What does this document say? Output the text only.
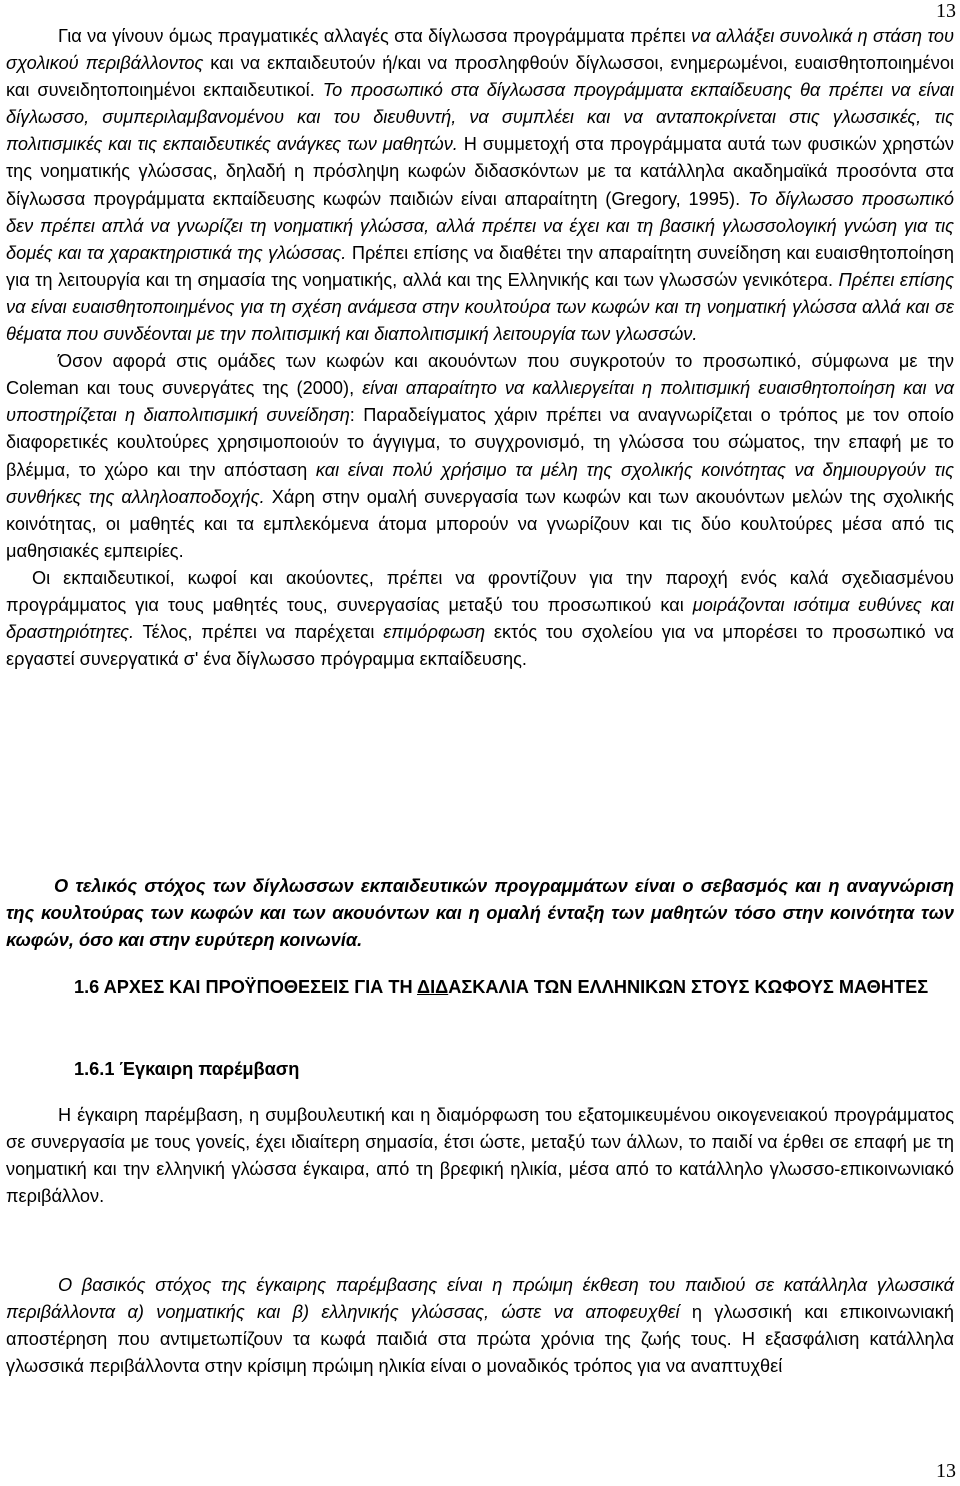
13

Για να γίνουν όμως πραγματικές αλλαγές στα δίγλωσσα προγράμματα πρέπει να αλλάξει συνολικά η στάση του σχολικού περιβάλλοντος και να εκπαιδευτούν ή/και να προσληφθούν δίγλωσσοι, ενημερωμένοι, ευαισθητοποιημένοι και συνειδητοποιημένοι εκπαιδευτικοί. Το προσωπικό στα δίγλωσσα προγράμματα εκπαίδευσης θα πρέπει να είναι δίγλωσσο, συμπεριλαμβανομένου και του διευθυντή, να συμπλέει και να ανταποκρίνεται στις γλωσσικές, τις πολιτισμικές και τις εκπαιδευτικές ανάγκες των μαθητών. Η συμμετοχή στα προγράμματα αυτά των φυσικών χρηστών της νοηματικής γλώσσας, δηλαδή η πρόσληψη κωφών διδασκόντων με τα κατάλληλα ακαδημαϊκά προσόντα στα δίγλωσσα προγράμματα εκπαίδευσης κωφών παιδιών είναι απαραίτητη (Gregory, 1995). Το δίγλωσσο προσωπικό δεν πρέπει απλά να γνωρίζει τη νοηματική γλώσσα, αλλά πρέπει να έχει και τη βασική γλωσσολογική γνώση για τις δομές και τα χαρακτηριστικά της γλώσσας. Πρέπει επίσης να διαθέτει την απαραίτητη συνείδηση και ευαισθητοποίηση για τη λειτουργία και τη σημασία της νοηματικής, αλλά και της Ελληνικής και των γλωσσών γενικότερα. Πρέπει επίσης να είναι ευαισθητοποιημένος για τη σχέση ανάμεσα στην κουλτούρα των κωφών και τη νοηματική γλώσσα αλλά και σε θέματα που συνδέονται με την πολιτισμική και διαπολιτισμική λειτουργία των γλωσσών.

Όσον αφορά στις ομάδες των κωφών και ακουόντων που συγκροτούν το προσωπικό, σύμφωνα με την Coleman και τους συνεργάτες της (2000), είναι απαραίτητο να καλλιεργείται η πολιτισμική ευαισθητοποίηση και να υποστηρίζεται η διαπολιτισμική συνείδηση: Παραδείγματος χάριν πρέπει να αναγνωρίζεται ο τρόπος με τον οποίο διαφορετικές κουλτούρες χρησιμοποιούν το άγγιγμα, το συγχρονισμό, τη γλώσσα του σώματος, την επαφή με το βλέμμα, το χώρο και την απόσταση και είναι πολύ χρήσιμο τα μέλη της σχολικής κοινότητας να δημιουργούν τις συνθήκες της αλληλοαποδοχής. Χάρη στην ομαλή συνεργασία των κωφών και των ακουόντων μελών της σχολικής κοινότητας, οι μαθητές και τα εμπλεκόμενα άτομα μπορούν να γνωρίζουν και τις δύο κουλτούρες μέσα από τις μαθησιακές εμπειρίες.

Οι εκπαιδευτικοί, κωφοί και ακούοντες, πρέπει να φροντίζουν για την παροχή ενός καλά σχεδιασμένου προγράμματος για τους μαθητές τους, συνεργασίας μεταξύ του προσωπικού και μοιράζονται ισότιμα ευθύνες και δραστηριότητες. Τέλος, πρέπει να παρέχεται επιμόρφωση εκτός του σχολείου για να μπορέσει το προσωπικό να εργαστεί συνεργατικά σ' ένα δίγλωσσο πρόγραμμα εκπαίδευσης.

Ο τελικός στόχος των δίγλωσσων εκπαιδευτικών προγραμμάτων είναι ο σεβασμός και η αναγνώριση της κουλτούρας των κωφών και των ακουόντων και η ομαλή ένταξη των μαθητών τόσο στην κοινότητα των κωφών, όσο και στην ευρύτερη κοινωνία.

1.6 ΑΡΧΕΣ ΚΑΙ ΠΡΟΫΠΟΘΕΣΕΙΣ ΓΙΑ ΤΗ ΔΙΔΑΣΚΑΛΙΑ ΤΩΝ ΕΛΛΗΝΙΚΩΝ ΣΤΟΥΣ ΚΩΦΟΥΣ ΜΑΘΗΤΕΣ
1.6.1 Έγκαιρη παρέμβαση

Η έγκαιρη παρέμβαση, η συμβουλευτική και η διαμόρφωση του εξατομικευμένου οικογενειακού προγράμματος σε συνεργασία με τους γονείς, έχει ιδιαίτερη σημασία, έτσι ώστε, μεταξύ των άλλων, το παιδί να έρθει σε επαφή με τη νοηματική και την ελληνική γλώσσα έγκαιρα, από τη βρεφική ηλικία, μέσα από το κατάλληλο γλωσσο-επικοινωνιακό περιβάλλον.

Ο βασικός στόχος της έγκαιρης παρέμβασης είναι η πρώιμη έκθεση του παιδιού σε κατάλληλα γλωσσικά περιβάλλοντα α) νοηματικής και β) ελληνικής γλώσσας, ώστε να αποφευχθεί η γλωσσική και επικοινωνιακή αποστέρηση που αντιμετωπίζουν τα κωφά παιδιά στα πρώτα χρόνια της ζωής τους. Η εξασφάλιση κατάλληλα γλωσσικά περιβάλλοντα στην κρίσιμη πρώιμη ηλικία είναι ο μοναδικός τρόπος για να αναπτυχθεί

13
